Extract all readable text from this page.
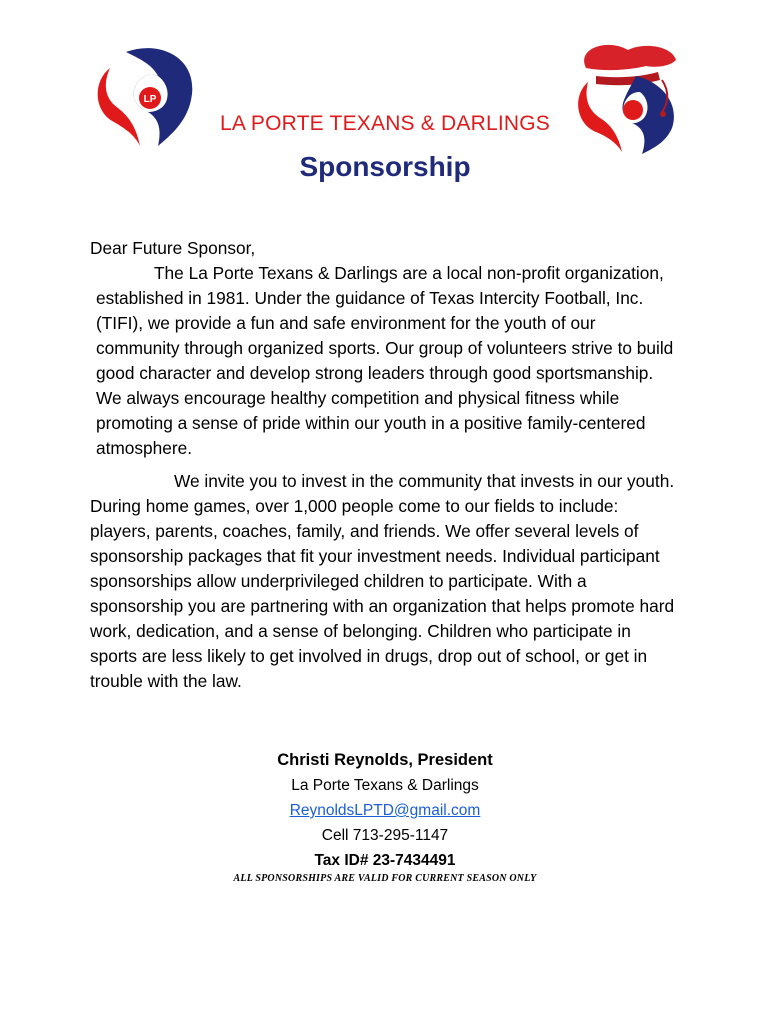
LP
LA PORTE TEXANS & DARLINGS
Sponsorship

Dear Future Sponsor,

The La Porte Texans & Darlings are a local non-profit organization, established in 1981. Under the guidance of Texas Intercity Football, Inc. (TIFI), we provide a fun and safe environment for the youth of our community through organized sports. Our group of volunteers strive to build good character and develop strong leaders through good sportsmanship. We always encourage healthy competition and physical fitness while promoting a sense of pride within our youth in a positive family-centered atmosphere.

We invite you to invest in the community that invests in our youth. During home games, over 1,000 people come to our fields to include: players, parents, coaches, family, and friends. We offer several levels of sponsorship packages that fit your investment needs. Individual participant sponsorships allow underprivileged children to participate. With a sponsorship you are partnering with an organization that helps promote hard work, dedication, and a sense of belonging. Children who participate in sports are less likely to get involved in drugs, drop out of school, or get in trouble with the law.

Christi Reynolds, President
La Porte Texans & Darlings
ReynoldsLPTD@gmail.com
Cell 713-295-1147
Tax ID# 23-7434491
ALL SPONSORSHIPS ARE VALID FOR CURRENT SEASON ONLY
